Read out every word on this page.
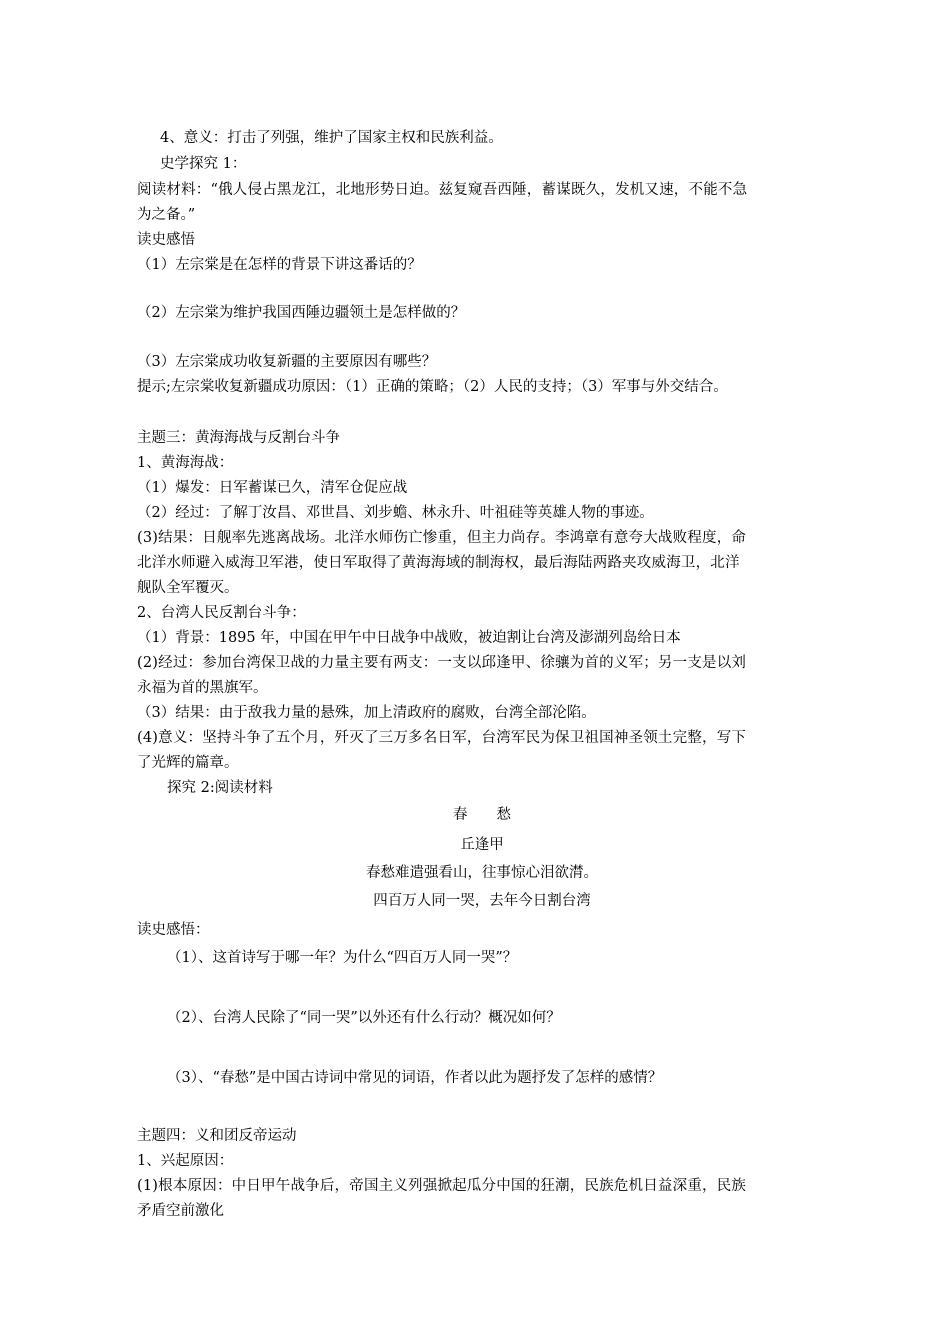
4、意义：打击了列强，维护了国家主权和民族利益。
史学探究 1：
阅读材料：“俄人侵占黑龙江，北地形势日迫。兹复窥吾西陲，蓄谋既久，发机又速，不能不急
为之备。”
读史感悟
（1）左宗棠是在怎样的背景下讲这番话的？
（2）左宗棠为维护我国西陲边疆领土是怎样做的？
（3）左宗棠成功收复新疆的主要原因有哪些？
提示;左宗棠收复新疆成功原因：（1）正确的策略；（2）人民的支持；（3）军事与外交结合。
主题三：黄海海战与反割台斗争
1、黄海海战：
（1）爆发：日军蓄谋已久，清军仓促应战
（2）经过：了解丁汝昌、邓世昌、刘步蟾、林永升、叶祖硅等英雄人物的事迹。
(3)结果：日舰率先逃离战场。北洋水师伤亡惨重，但主力尚存。李鸿章有意夸大战败程度，命
北洋水师避入威海卫军港，使日军取得了黄海海域的制海权，最后海陆两路夹攻威海卫，北洋
舰队全军覆灭。
2、台湾人民反割台斗争：
（1）背景：1895 年，中国在甲午中日战争中战败，被迫割让台湾及澎湖列岛给日本
(2)经过：参加台湾保卫战的力量主要有两支：一支以邱逢甲、徐骧为首的义军；另一支是以刘
永福为首的黑旗军。
（3）结果：由于敌我力量的悬殊，加上清政府的腐败，台湾全部沦陷。
(4)意义：坚持斗争了五个月，歼灭了三万多名日军，台湾军民为保卫祖国神圣领土完整，写下
了光辉的篇章。
探究 2:阅读材料
春　　愁
丘逢甲
春愁难遣强看山，往事惊心泪欲潸。
四百万人同一哭，去年今日割台湾
读史感悟：
（1）、这首诗写于哪一年？为什么“四百万人同一哭”？
（2）、台湾人民除了“同一哭”以外还有什么行动？概况如何？
（3）、“春愁”是中国古诗词中常见的词语，作者以此为题抒发了怎样的感情？
主题四：义和团反帝运动
1、兴起原因：
(1)根本原因：中日甲午战争后，帝国主义列强掀起瓜分中国的狂潮，民族危机日益深重，民族
矛盾空前激化
